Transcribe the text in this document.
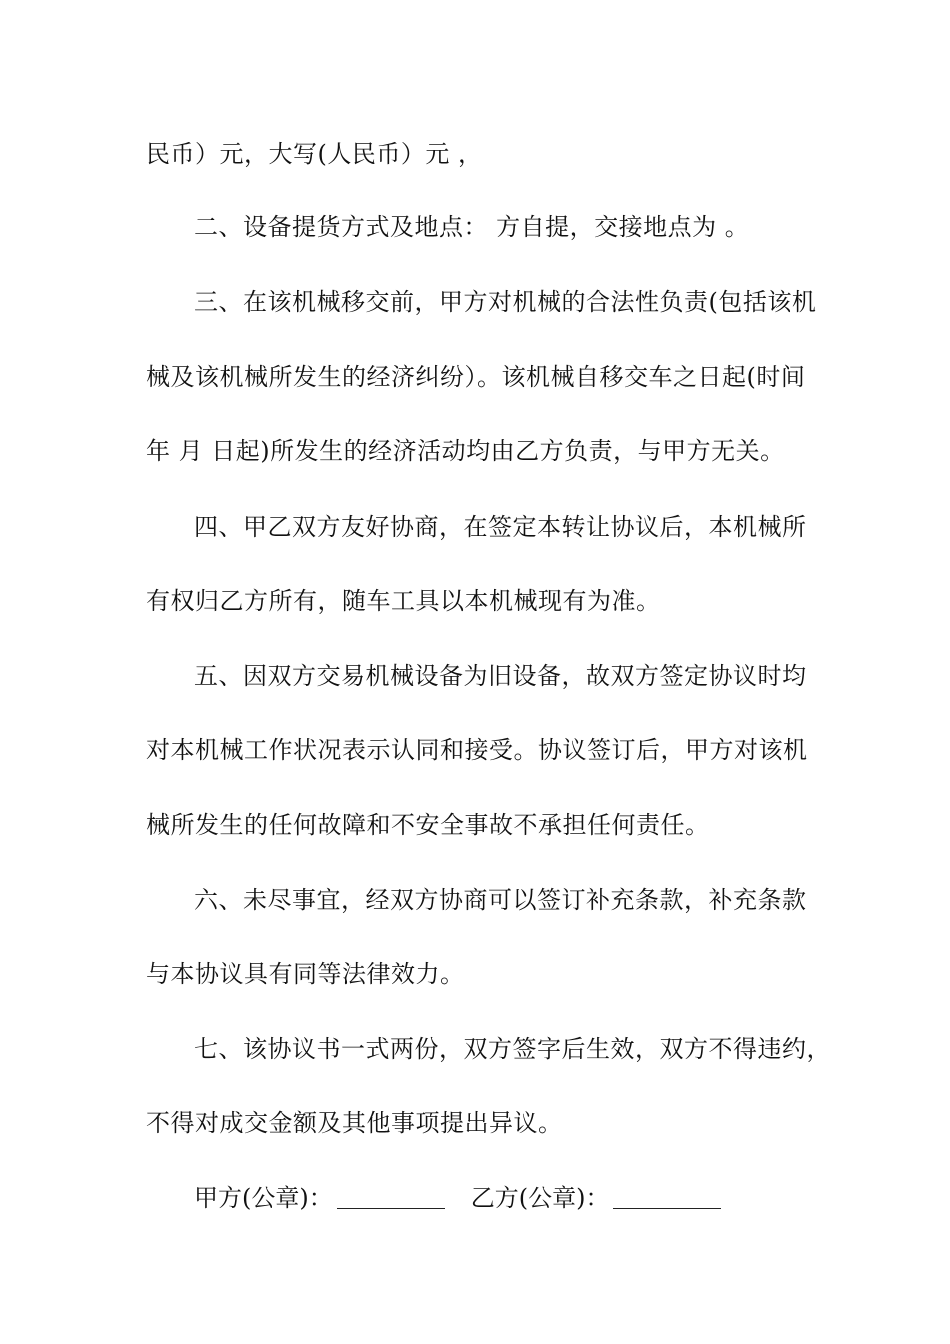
民币）元，大写(人民币）元 ，
二、设备提货方式及地点： 方自提，交接地点为 。
三、在该机械移交前，甲方对机械的合法性负责(包括该机
械及该机械所发生的经济纠纷）。该机械自移交车之日起(时间
年 月 日起)所发生的经济活动均由乙方负责，与甲方无关。
四、甲乙双方友好协商，在签定本转让协议后，本机械所
有权归乙方所有，随车工具以本机械现有为准。
五、因双方交易机械设备为旧设备，故双方签定协议时均
对本机械工作状况表示认同和接受。协议签订后，甲方对该机
械所发生的任何故障和不安全事故不承担任何责任。
六、未尽事宜，经双方协商可以签订补充条款，补充条款
与本协议具有同等法律效力。
七、该协议书一式两份，双方签字后生效，双方不得违约，
不得对成交金额及其他事项提出异议。
甲方(公章)：	乙方(公章)：
